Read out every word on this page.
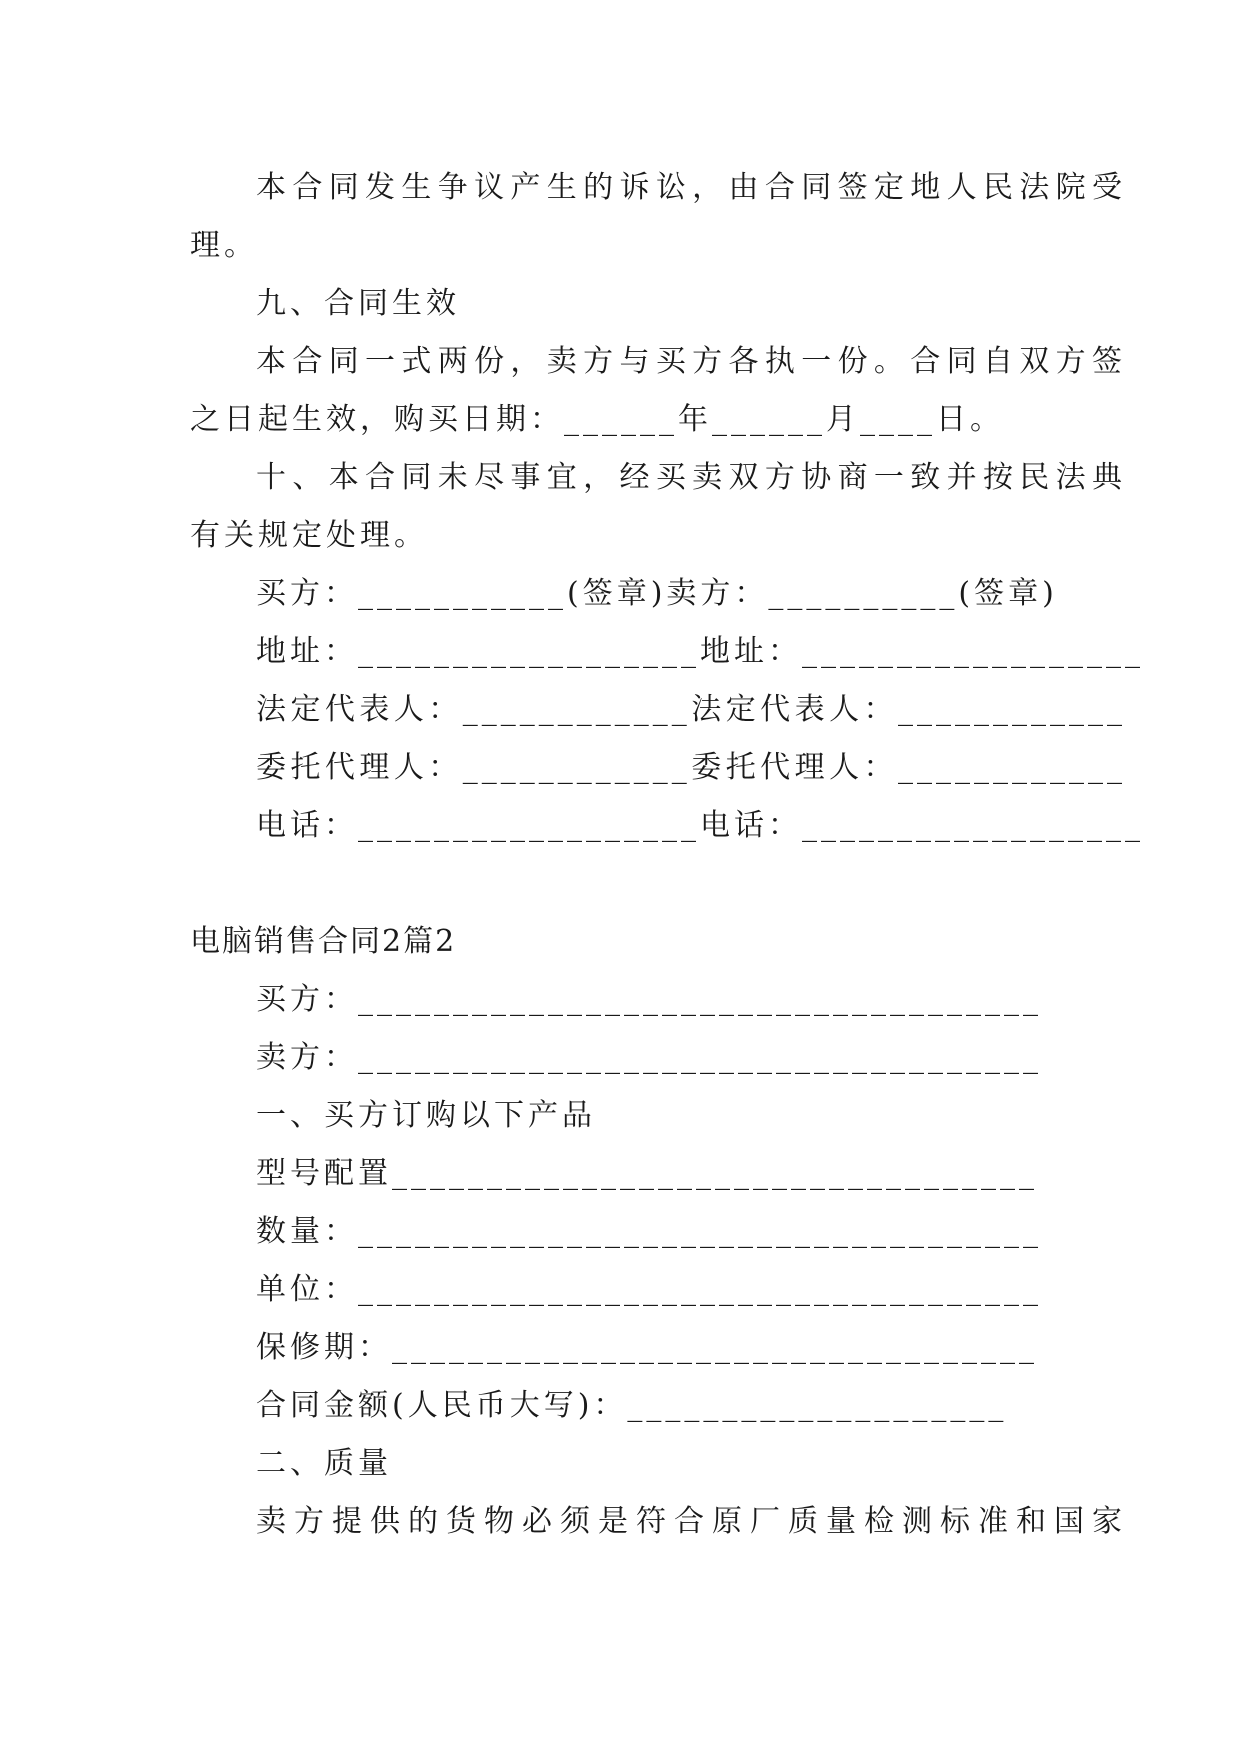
本合同发生争议产生的诉讼，由合同签定地人民法院受
理。
九、合同生效
本合同一式两份，卖方与买方各执一份。合同自双方签
之日起生效，购买日期：______年______月____日。
十、本合同未尽事宜，经买卖双方协商一致并按民法典
有关规定处理。
买方：___________(签章)卖方：__________(签章)
地址：__________________地址：__________________
法定代表人：____________法定代表人：____________
委托代理人：____________委托代理人：____________
电话：__________________电话：__________________
电脑销售合同2篇2
买方：____________________________________
卖方：____________________________________
一、买方订购以下产品
型号配置__________________________________
数量：____________________________________
单位：____________________________________
保修期：__________________________________
合同金额(人民币大写)：____________________
二、质量
卖方提供的货物必须是符合原厂质量检测标准和国家
